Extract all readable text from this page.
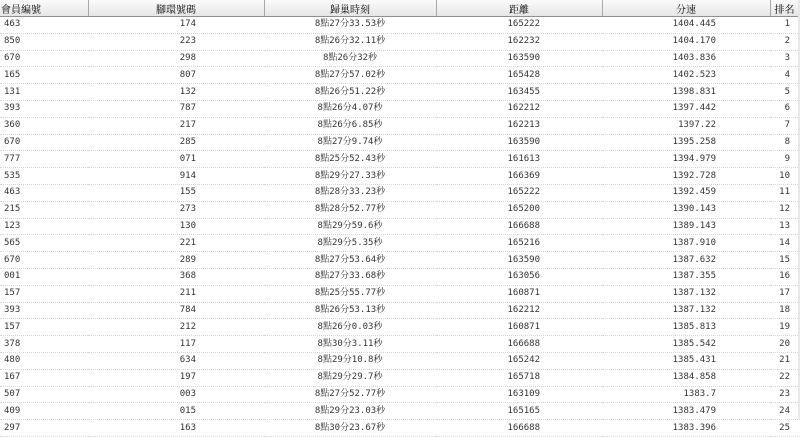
會員編號	腳環號碼	歸巢時刻	距離	分速	排名
463	174	8點27分33.53秒	165222	1404.445	1
850	223	8點26分32.11秒	162232	1404.170	2
670	298	8點26分32秒	163590	1403.836	3
165	807	8點27分57.02秒	165428	1402.523	4
131	132	8點26分51.22秒	163455	1398.831	5
393	787	8點26分4.07秒	162212	1397.442	6
360	217	8點26分6.85秒	162213	1397.22	7
670	285	8點27分9.74秒	163590	1395.258	8
777	071	8點25分52.43秒	161613	1394.979	9
535	914	8點29分27.33秒	166369	1392.728	10
463	155	8點28分33.23秒	165222	1392.459	11
215	273	8點28分52.77秒	165200	1390.143	12
123	130	8點29分59.6秒	166688	1389.143	13
565	221	8點29分5.35秒	165216	1387.910	14
670	289	8點27分53.64秒	163590	1387.632	15
001	368	8點27分33.68秒	163056	1387.355	16
157	211	8點25分55.77秒	160871	1387.132	17
393	784	8點26分53.13秒	162212	1387.132	18
157	212	8點26分0.03秒	160871	1385.813	19
378	117	8點30分3.11秒	166688	1385.542	20
480	634	8點29分10.8秒	165242	1385.431	21
167	197	8點29分29.7秒	165718	1384.858	22
507	003	8點27分52.77秒	163109	1383.7	23
409	015	8點29分23.03秒	165165	1383.479	24
297	163	8點30分23.67秒	166688	1383.396	25
